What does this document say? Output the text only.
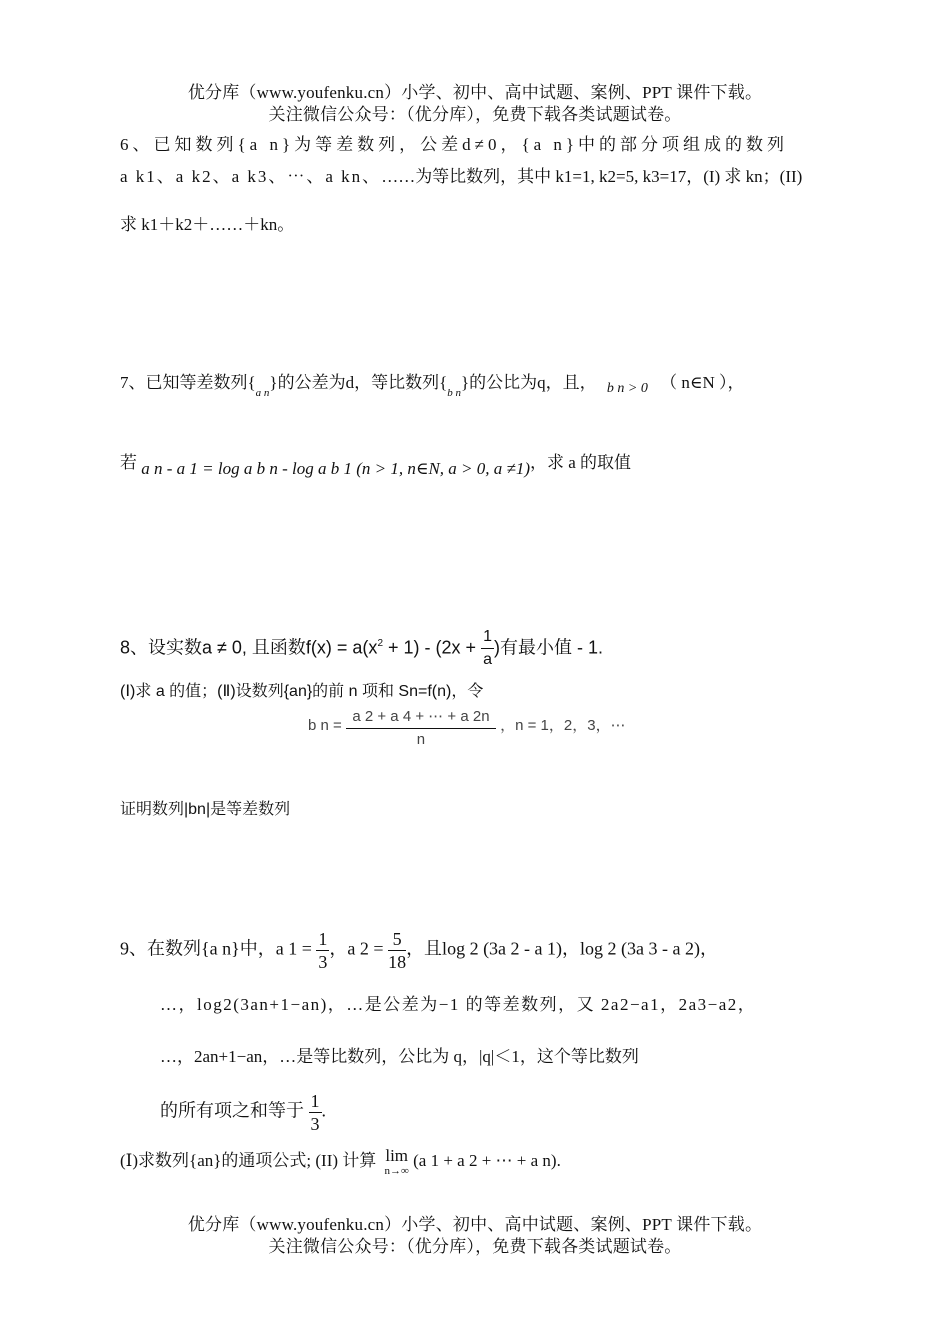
优分库（www.youfenku.cn）小学、初中、高中试题、案例、PPT 课件下载。
关注微信公众号：（优分库），免费下载各类试题试卷。
6、已知数列{a n}为等差数列，公差d≠0，{a n}中的部分项组成的数列
a k1、a k2、a k3、⋯、a kn、……为等比数列，其中 k1=1, k2=5, k3=17，(I) 求 kn；(II)
求 k1＋k2＋……＋kn。
7、已知等差数列$\{_{a n}\}$的公差为d，等比数列$\{_{b n}\}$的公比为q，且， $_{b n > 0}$ （ n∈N ），
若 a n - a 1 = log a b n - log a b 1 (n > 1, n∈N, a > 0, a ≠1)，求 a 的取值
8、设实数a ≠ 0, 且函数$f(x) = a(x^2 + 1) - (2x + \frac{1}{a}$ )有最小值 - 1.
(Ⅰ)求 a 的值；(Ⅱ)设数列{an}的前 n 项和 Sn=f(n)，令
b $n = \frac{a 2 + a 4 + \cdots + a 2n}{n}$ ，n = 1，2，3，⋯
证明数列|bn|是等差数列
9、在数列{a n}中，a $1 = \frac{1}{3}$ ，a $2 = \frac{5}{18}$ ，且log 2 (3a 2 - a 1)，log 2 (3a 3 - a 2)，
…，log2(3an+1−an)，…是公差为−1 的等差数列，又 2a2−a1，2a3−a2，
…，2an+1−an，…是等比数列，公比为 q，|q|＜1，这个等比数列
的所有项之和等于 $\frac{1}{3}$ .
(Ⅰ)求数列{an}的通项公式; (II) 计算 lim
n→∞
(a 1 + a 2 + ⋯ + a n).
优分库（www.youfenku.cn）小学、初中、高中试题、案例、PPT 课件下载。
关注微信公众号：（优分库），免费下载各类试题试卷。
